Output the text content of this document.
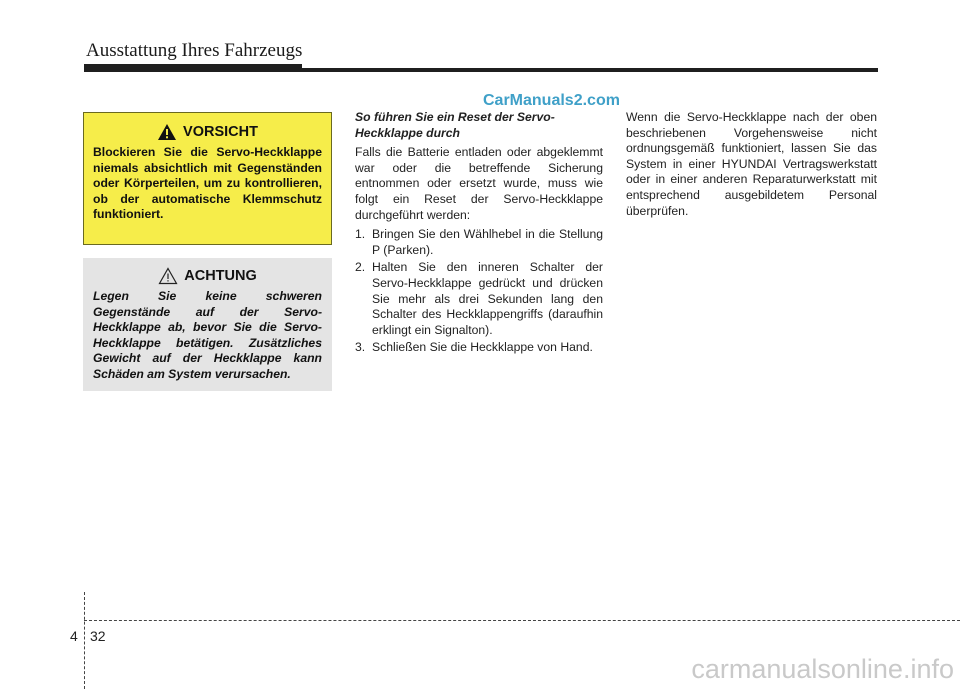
Ausstattung Ihres Fahrzeugs
CarManuals2.com
VORSICHT
Blockieren Sie die Servo-Heckklappe niemals absichtlich mit Gegenständen oder Körperteilen, um zu kontrollieren, ob der automatische Klemmschutz funktioniert.
ACHTUNG
Legen Sie keine schweren Gegenstände auf der Servo-Heckklappe ab, bevor Sie die Servo-Heckklappe betätigen. Zusätzliches Gewicht auf der Heckklappe kann Schäden am System verursachen.
So führen Sie ein Reset der Servo-Heckklappe durch
Falls die Batterie entladen oder abgeklemmt war oder die betreffende Sicherung entnommen oder ersetzt wurde, muss wie folgt ein Reset der Servo-Heckklappe durchgeführt werden:
1. Bringen Sie den Wählhebel in die Stellung P (Parken).
2. Halten Sie den inneren Schalter der Servo-Heckklappe gedrückt und drücken Sie mehr als drei Sekunden lang den Schalter des Heckklappengriffs (daraufhin erklingt ein Signalton).
3. Schließen Sie die Heckklappe von Hand.
Wenn die Servo-Heckklappe nach der oben beschriebenen Vorgehensweise nicht ordnungsgemäß funktioniert, lassen Sie das System in einer HYUNDAI Vertragswerkstatt oder in einer anderen Reparaturwerkstatt mit entsprechend ausgebildetem Personal überprüfen.
4 32
carmanualsonline.info
